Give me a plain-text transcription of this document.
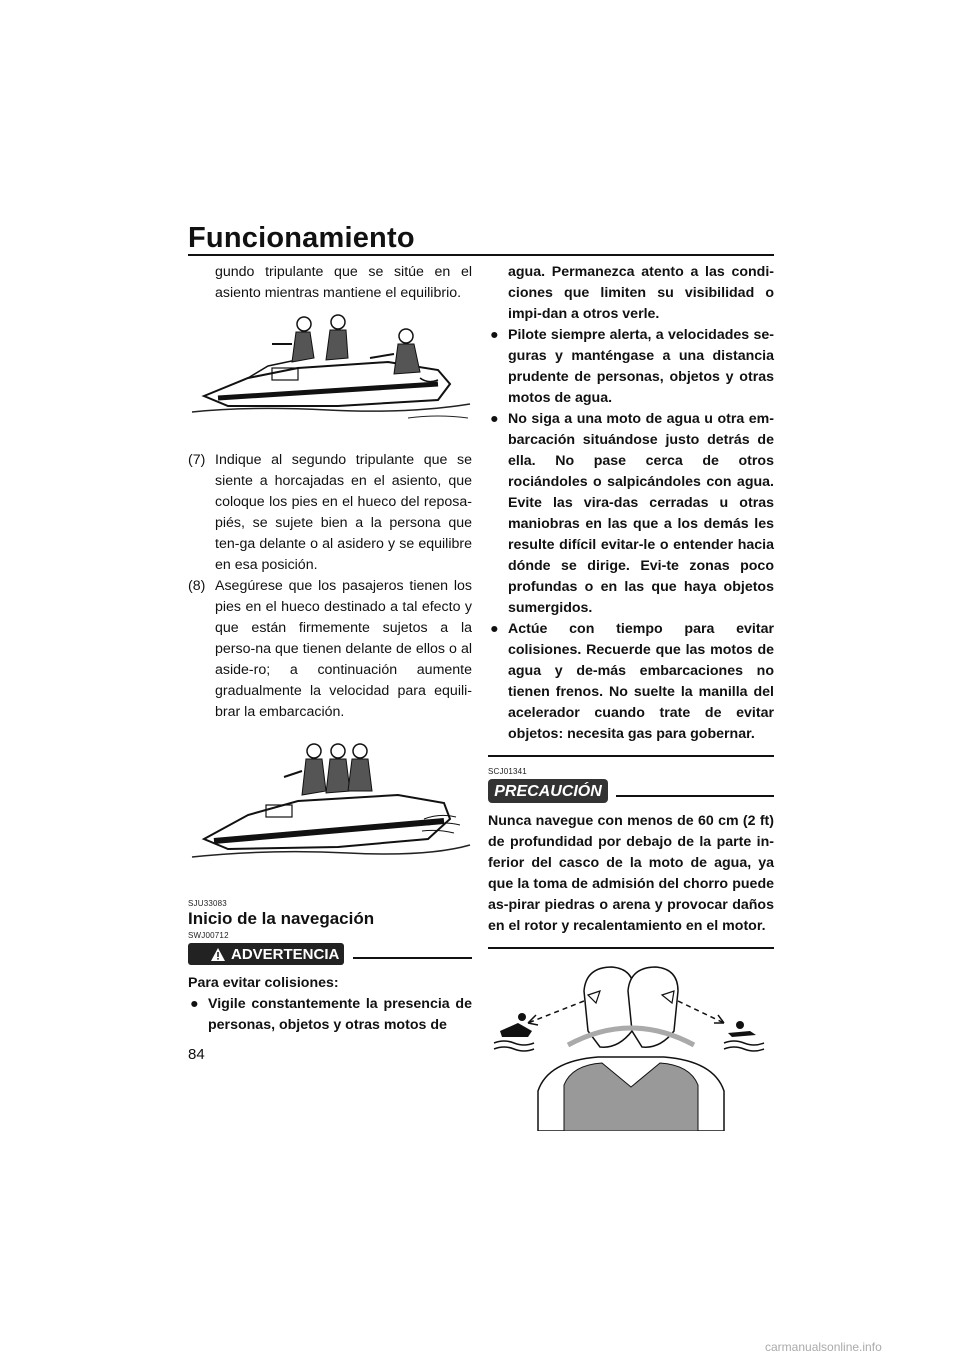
Funcionamiento
84

gundo tripulante que se sitúe en el asiento mientras mantiene el equilibrio.

(7) Indique al segundo tripulante que se siente a horcajadas en el asiento, que coloque los pies en el hueco del reposa-piés, se sujete bien a la persona que ten-ga delante o al asidero y se equilibre en esa posición.
(8) Asegúrese que los pasajeros tienen los pies en el hueco destinado a tal efecto y que están firmemente sujetos a la perso-na que tienen delante de ellos o al aside-ro; a continuación aumente gradualmente la velocidad para equili-brar la embarcación.
SJU33083
Inicio de la navegación
SWJ00712
ADVERTENCIA

Para evitar colisiones:

● Vigile constantemente la presencia de personas, objetos y otras motos de

agua. Permanezca atento a las condi-ciones que limiten su visibilidad o impi-dan a otros verle.

● Pilote siempre alerta, a velocidades se-guras y manténgase a una distancia prudente de personas, objetos y otras motos de agua.
● No siga a una moto de agua u otra em-barcación situándose justo detrás de ella. No pase cerca de otros rociándoles o salpicándoles con agua. Evite las vira-das cerradas u otras maniobras en las que a los demás les resulte difícil evitar-le o entender hacia dónde se dirige. Evi-te zonas poco profundas o en las que haya objetos sumergidos.
● Actúe con tiempo para evitar colisiones. Recuerde que las motos de agua y de-más embarcaciones no tienen frenos. No suelte la manilla del acelerador cuando trate de evitar objetos: necesita gas para gobernar.
SCJ01341
PRECAUCIÓN

Nunca navegue con menos de 60 cm (2 ft) de profundidad por debajo de la parte in-ferior del casco de la moto de agua, ya que la toma de admisión del chorro puede as-pirar piedras o arena y provocar daños en el rotor y recalentamiento en el motor.

carmanualsonline.info
